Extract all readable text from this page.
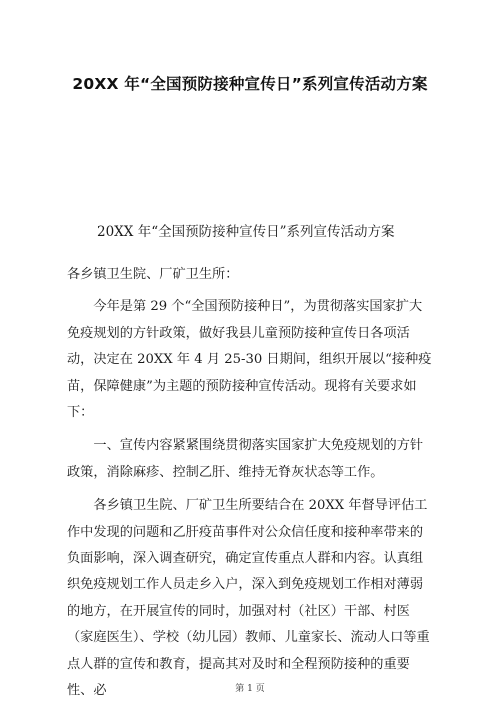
20XX 年“全国预防接种宣传日”系列宣传活动方案
20XX 年“全国预防接种宣传日”系列宣传活动方案

各乡镇卫生院、厂矿卫生所：

今年是第 29 个“全国预防接种日”，为贯彻落实国家扩大免疫规划的方针政策，做好我县儿童预防接种宣传日各项活动，决定在 20XX 年 4 月 25-30 日期间，组织开展以“接种疫苗，保障健康”为主题的预防接种宣传活动。现将有关要求如下：

一、宣传内容紧紧围绕贯彻落实国家扩大免疫规划的方针政策，消除麻疹、控制乙肝、维持无脊灰状态等工作。

各乡镇卫生院、厂矿卫生所要结合在 20XX 年督导评估工作中发现的问题和乙肝疫苗事件对公众信任度和接种率带来的负面影响，深入调查研究，确定宣传重点人群和内容。认真组织免疫规划工作人员走乡入户，深入到免疫规划工作相对薄弱的地方，在开展宣传的同时，加强对村（社区）干部、村医（家庭医生）、学校（幼儿园）教师、儿童家长、流动人口等重点人群的宣传和教育，提高其对及时和全程预防接种的重要性、必	第 1 页
